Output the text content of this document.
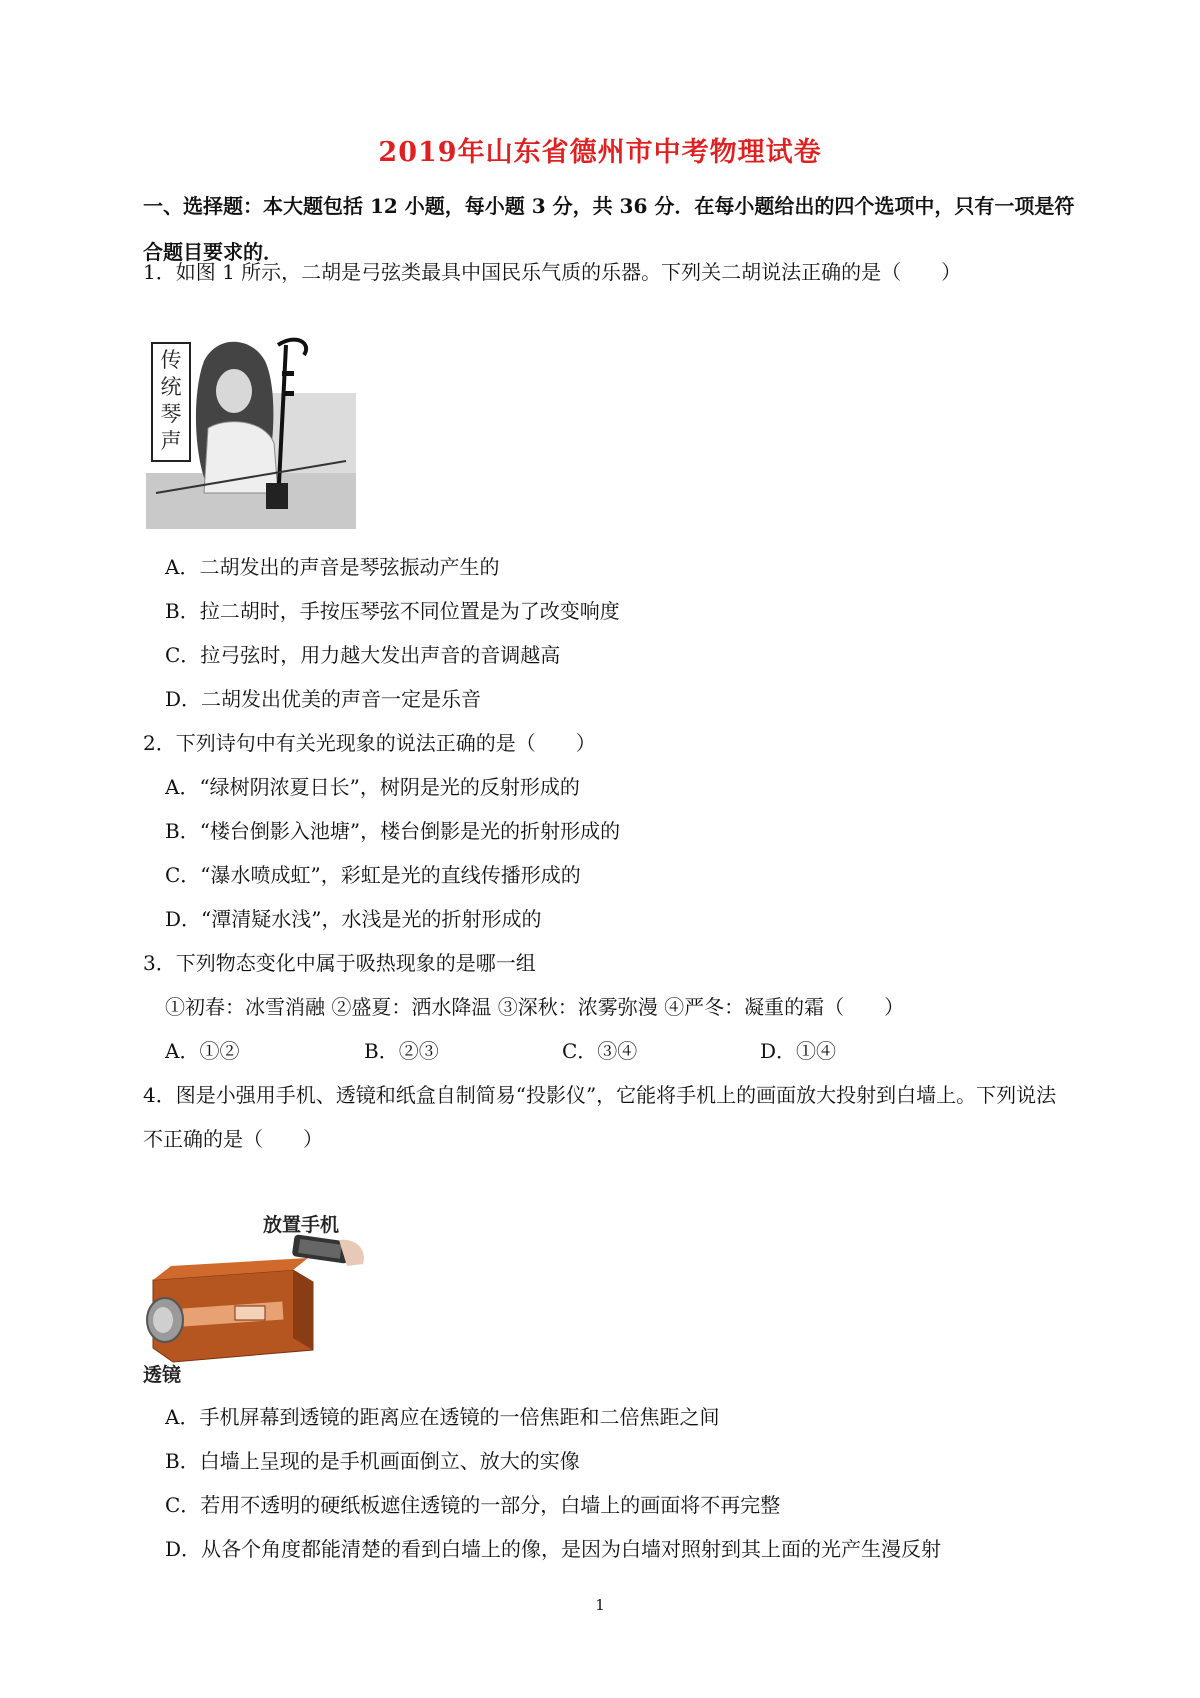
2019年山东省德州市中考物理试卷
一、选择题：本大题包括 12 小题，每小题 3 分，共 36 分．在每小题给出的四个选项中，只有一项是符合题目要求的．
1．如图 1 所示，二胡是弓弦类最具中国民乐气质的乐器。下列关二胡说法正确的是（　　）
传统琴声
A．二胡发出的声音是琴弦振动产生的
B．拉二胡时，手按压琴弦不同位置是为了改变响度
C．拉弓弦时，用力越大发出声音的音调越高
D．二胡发出优美的声音一定是乐音
2．下列诗句中有关光现象的说法正确的是（　　）
A．“绿树阴浓夏日长”，树阴是光的反射形成的
B．“楼台倒影入池塘”，楼台倒影是光的折射形成的
C．“瀑水喷成虹”，彩虹是光的直线传播形成的
D．“潭清疑水浅”，水浅是光的折射形成的
3．下列物态变化中属于吸热现象的是哪一组
①初春：冰雪消融 ②盛夏：洒水降温 ③深秋：浓雾弥漫 ④严冬：凝重的霜（　　）
A．①②	B．②③	C．③④	D．①④
4．图是小强用手机、透镜和纸盒自制简易“投影仪”，它能将手机上的画面放大投射到白墙上。下列说法
不正确的是（　　）
放置手机
透镜
A．手机屏幕到透镜的距离应在透镜的一倍焦距和二倍焦距之间
B．白墙上呈现的是手机画面倒立、放大的实像
C．若用不透明的硬纸板遮住透镜的一部分，白墙上的画面将不再完整
D．从各个角度都能清楚的看到白墙上的像，是因为白墙对照射到其上面的光产生漫反射
1
